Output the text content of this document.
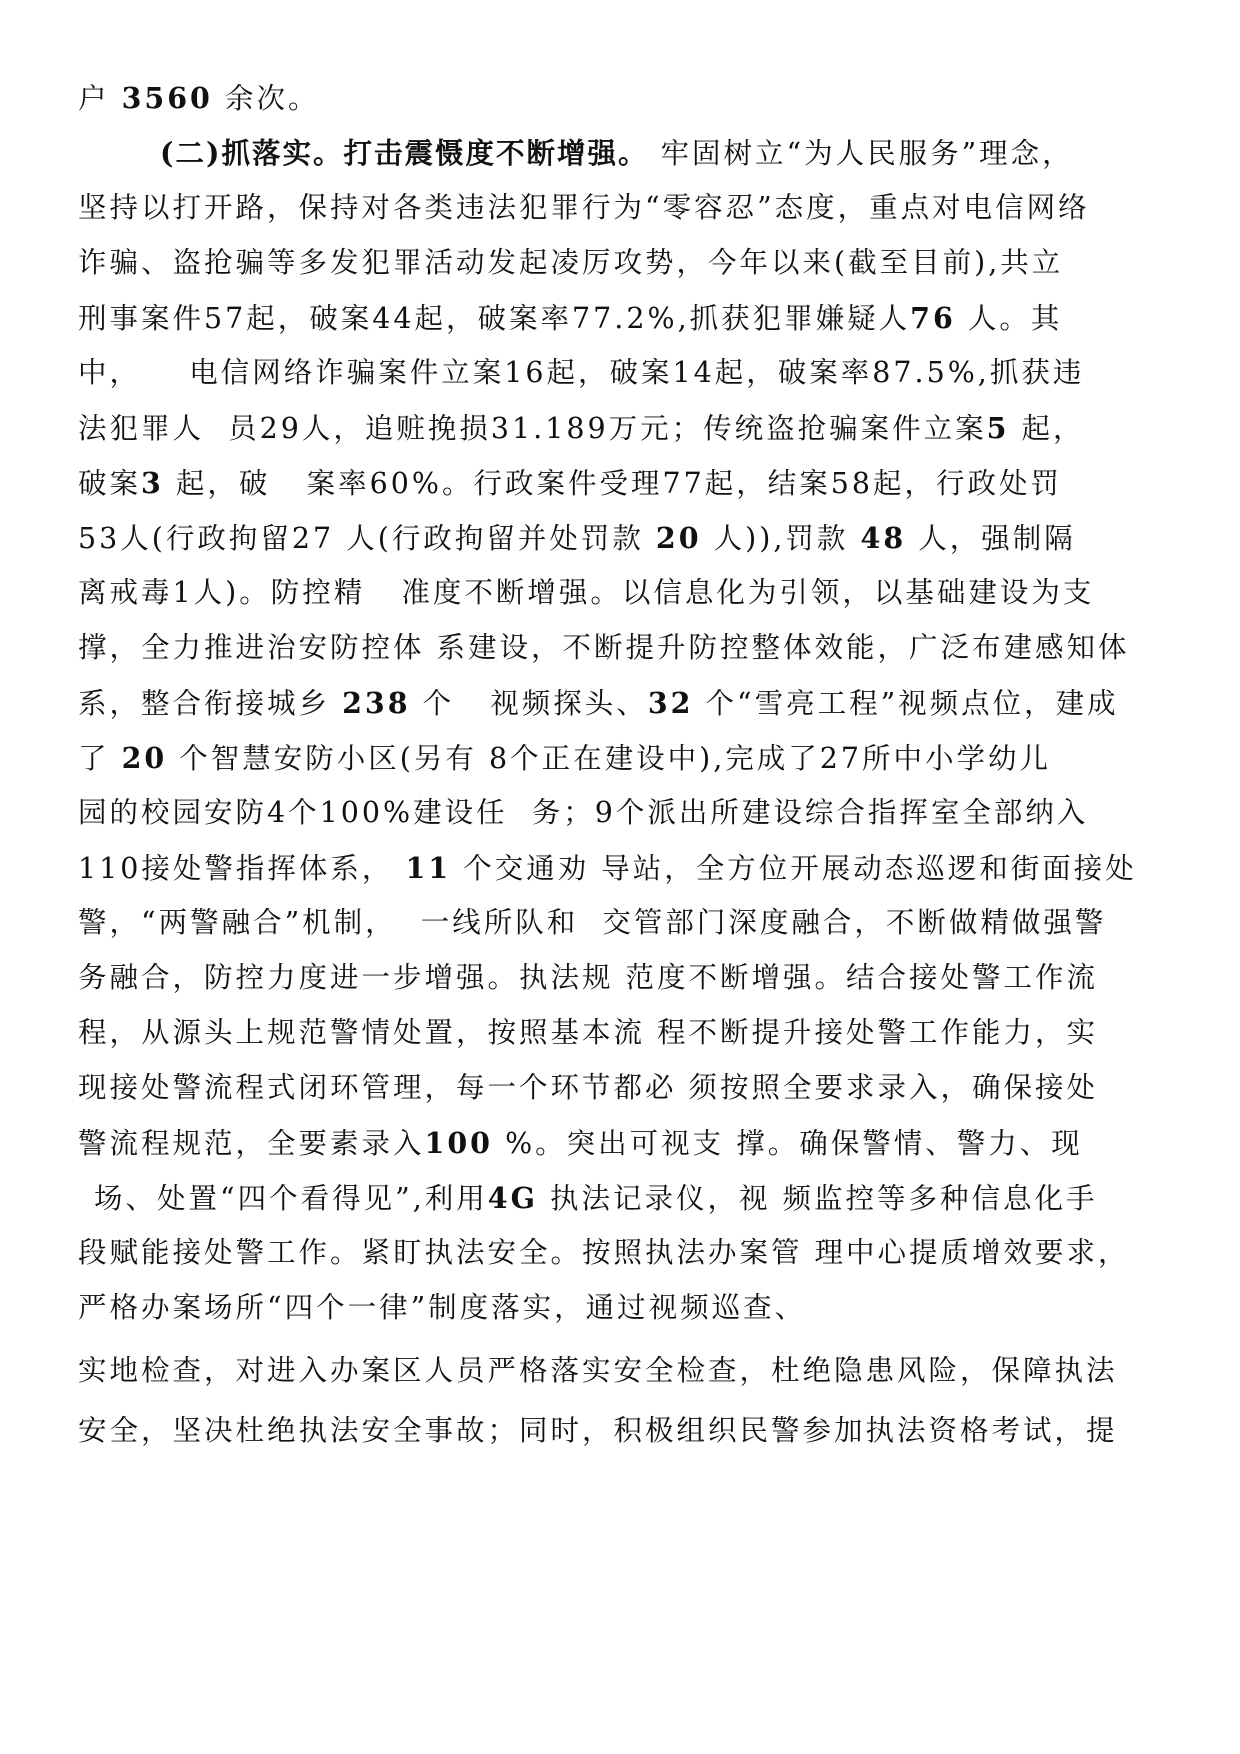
户 3560 余次。
(二)抓落实。打击震慑度不断增强。 牢固树立“为人民服务”理念，
坚持以打开路，保持对各类违法犯罪行为“零容忍”态度，重点对电信网络
诈骗、盗抢骗等多发犯罪活动发起凌厉攻势，今年以来(截至目前),共立
刑事案件57起，破案44起，破案率77.2%,抓获犯罪嫌疑人76 人。其
中，    电信网络诈骗案件立案16起，破案14起，破案率87.5%,抓获违
法犯罪人  员29人，追赃挽损31.189万元；传统盗抢骗案件立案5 起，
破案3 起，破   案率60%。行政案件受理77起，结案58起，行政处罚
53人(行政拘留27 人(行政拘留并处罚款 20 人)),罚款 48 人，强制隔
离戒毒1人)。防控精   准度不断增强。以信息化为引领，以基础建设为支
撑，全力推进治安防控体 系建设，不断提升防控整体效能，广泛布建感知体
系，整合衔接城乡 238 个   视频探头、32 个“雪亮工程”视频点位，建成
了 20 个智慧安防小区(另有 8个正在建设中),完成了27所中小学幼儿
园的校园安防4个100%建设任  务；9个派出所建设综合指挥室全部纳入
110接处警指挥体系， 11 个交通劝 导站，全方位开展动态巡逻和街面接处
警，“两警融合”机制，  一线所队和  交管部门深度融合，不断做精做强警
务融合，防控力度进一步增强。执法规 范度不断增强。结合接处警工作流
程，从源头上规范警情处置，按照基本流 程不断提升接处警工作能力，实
现接处警流程式闭环管理，每一个环节都必 须按照全要求录入，确保接处
警流程规范，全要素录入100 %。突出可视支 撑。确保警情、警力、现
场、处置“四个看得见”,利用4G 执法记录仪，视 频监控等多种信息化手
段赋能接处警工作。紧盯执法安全。按照执法办案管 理中心提质增效要求，
严格办案场所“四个一律”制度落实，通过视频巡查、
实地检查，对进入办案区人员严格落实安全检查，杜绝隐患风险，保障执法
安全，坚决杜绝执法安全事故；同时，积极组织民警参加执法资格考试，提
